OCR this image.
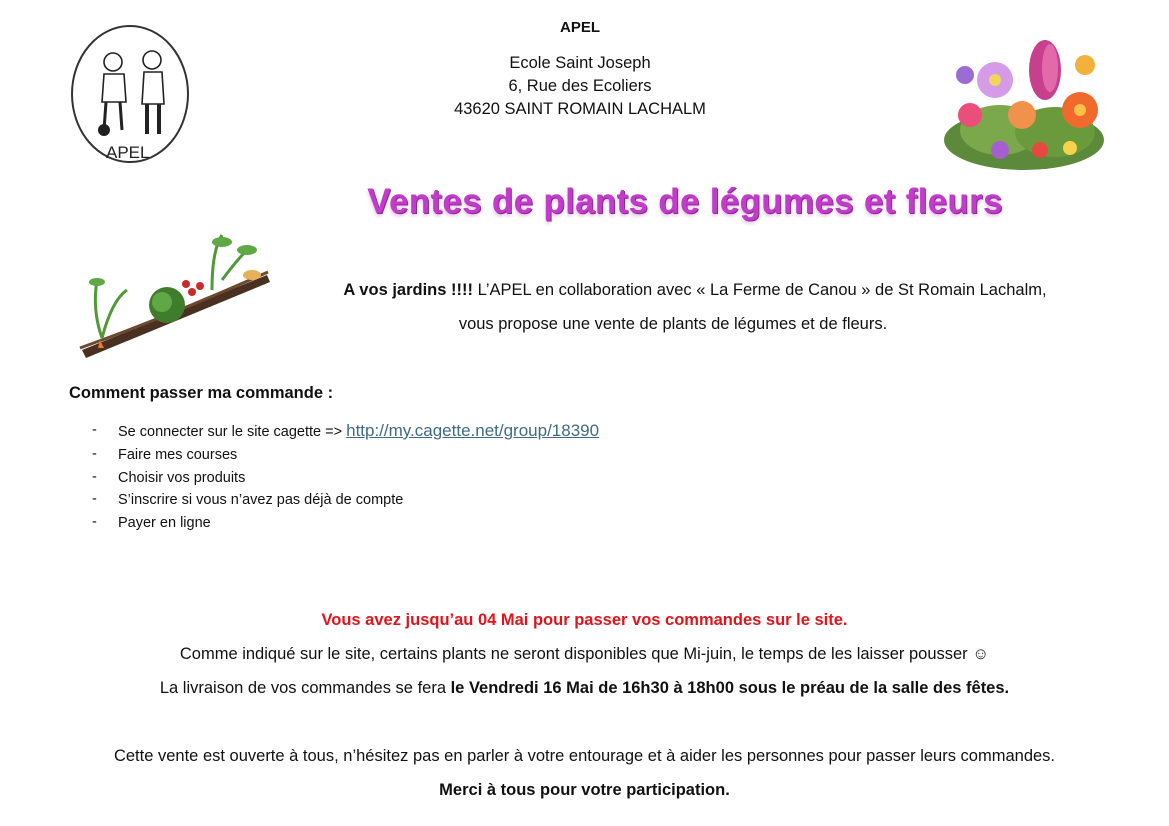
APEL
APEL
Ecole Saint Joseph
6, Rue des Ecoliers
43620 SAINT ROMAIN LACHALM
Ventes de plants de légumes et fleurs
A vos jardins !!!! L’APEL en collaboration avec « La Ferme de Canou » de St Romain Lachalm,
vous propose une vente de plants de légumes et de fleurs.
Comment passer ma commande :
- Se connecter sur le site cagette => http://my.cagette.net/group/18390
- Faire mes courses
- Choisir vos produits
- S’inscrire si vous n’avez pas déjà de compte
- Payer en ligne
Vous avez jusqu’au 04 Mai pour passer vos commandes sur le site.
Comme indiqué sur le site, certains plants ne seront disponibles que Mi-juin, le temps de les laisser pousser ☺
La livraison de vos commandes se fera le Vendredi 16 Mai de 16h30 à 18h00 sous le préau de la salle des fêtes.
Cette vente est ouverte à tous, n’hésitez pas en parler à votre entourage et à aider les personnes pour passer leurs commandes.
Merci à tous pour votre participation.
